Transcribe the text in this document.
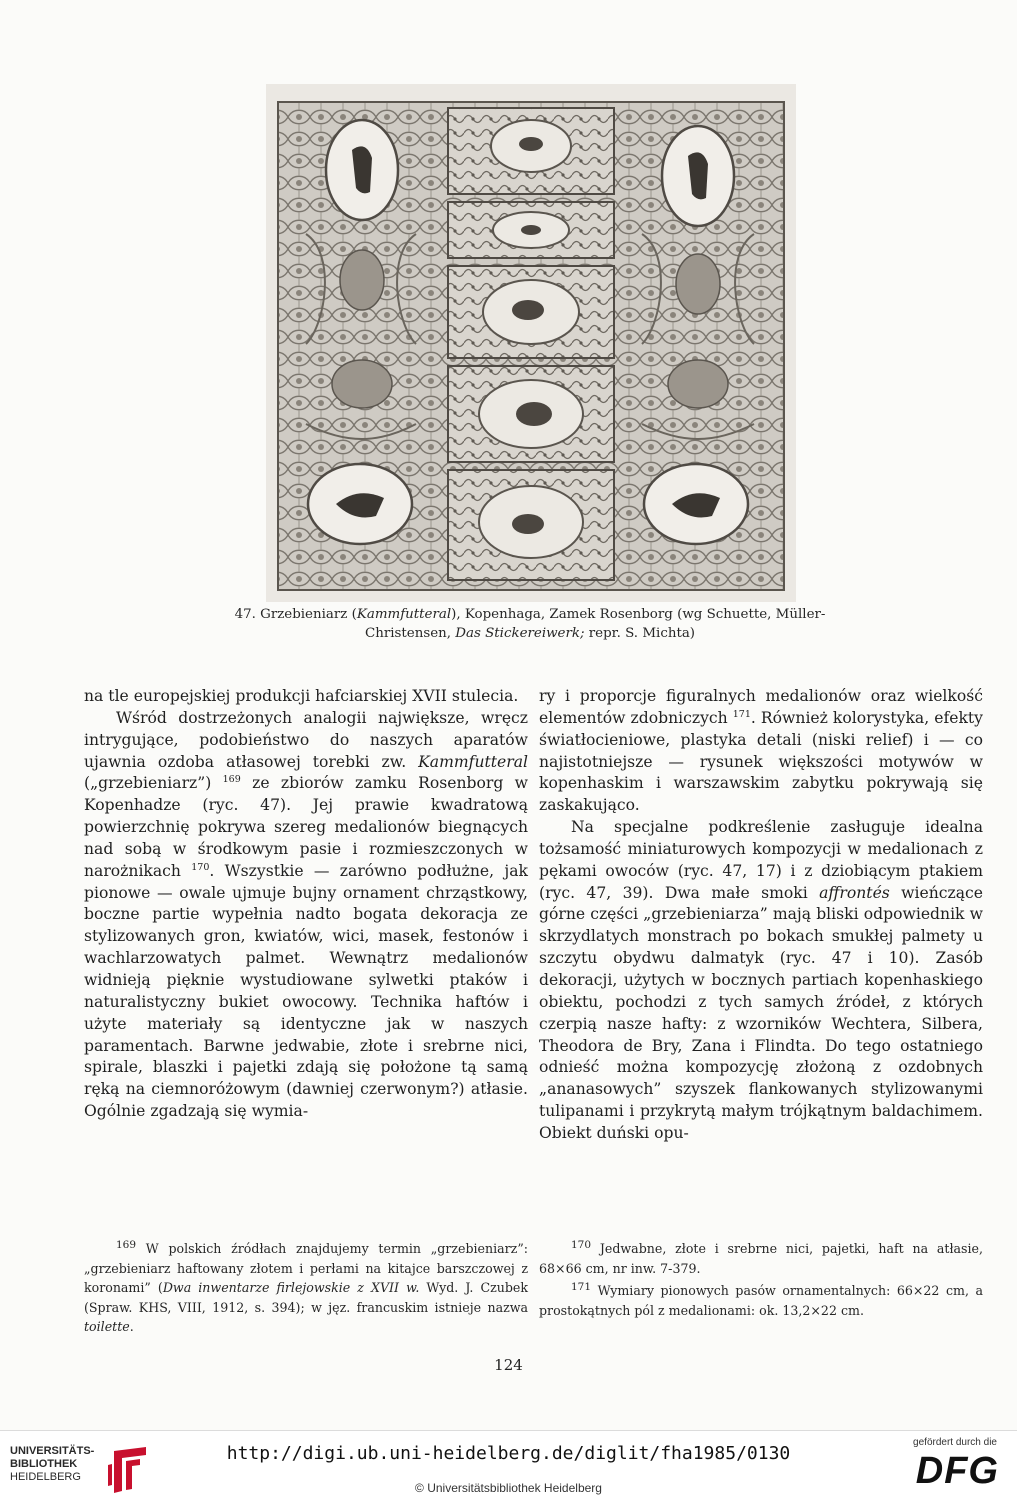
47. Grzebieniarz (Kammfutteral), Kopenhaga, Zamek Rosenborg (wg Schuette, Müller-Christensen, Das Stickereiwerk; repr. S. Michta)

na tle europejskiej produkcji hafciarskiej XVII stulecia.

Wśród dostrzeżonych analogii największe, wręcz intrygujące, podobieństwo do naszych aparatów ujawnia ozdoba atłasowej torebki zw. Kammfutteral („grzebieniarz”) $^{169}$ ze zbiorów zamku Rosenborg w Kopenhadze (ryc. 47). Jej prawie kwadratową powierzchnię pokrywa szereg medalionów biegnących nad sobą w środkowym pasie i rozmieszczonych w narożnikach $^{170}$. Wszystkie — zarówno podłużne, jak pionowe — owale ujmuje bujny ornament chrząstkowy, boczne partie wypełnia nadto bogata dekoracja ze stylizowanych gron, kwiatów, wici, masek, festonów i wachlarzowatych palmet. Wewnątrz medalionów widnieją pięknie wystudiowane sylwetki ptaków i naturalistyczny bukiet owocowy. Technika haftów i użyte materiały są identyczne jak w naszych paramentach. Barwne jedwabie, złote i srebrne nici, spirale, blaszki i pajetki zdają się położone tą samą ręką na ciemnoróżowym (dawniej czerwonym?) atłasie. Ogólnie zgadzają się wymia-

ry i proporcje figuralnych medalionów oraz wielkość elementów zdobniczych $^{171}$. Również kolorystyka, efekty światłocieniowe, plastyka detali (niski relief) i — co najistotniejsze — rysunek większości motywów w kopenhaskim i warszawskim zabytku pokrywają się zaskakująco.

Na specjalne podkreślenie zasługuje idealna tożsamość miniaturowych kompozycji w medalionach z pękami owoców (ryc. 47, 17) i z dziobiącym ptakiem (ryc. 47, 39). Dwa małe smoki affrontés wieńczące górne części „grzebieniarza” mają bliski odpowiednik w skrzydlatych monstrach po bokach smukłej palmety u szczytu obydwu dalmatyk (ryc. 47 i 10). Zasób dekoracji, użytych w bocznych partiach kopenhaskiego obiektu, pochodzi z tych samych źródeł, z których czerpią nasze hafty: z wzorników Wechtera, Silbera, Theodora de Bry, Zana i Flindta. Do tego ostatniego odnieść można kompozycję złożoną z ozdobnych „ananasowych” szyszek flankowanych stylizowanymi tulipanami i przykrytą małym trójkątnym baldachimem. Obiekt duński opu-

$^{169}$ W polskich źródłach znajdujemy termin „grzebieniarz”: „grzebieniarz haftowany złotem i perłami na kitajce barszczowej z koronami” (Dwa inwentarze firlejowskie z XVII w. Wyd. J. Czubek (Spraw. KHS, VIII, 1912, s. 394); w jęz. francuskim istnieje nazwa toilette.

$^{170}$ Jedwabne, złote i srebrne nici, pajetki, haft na atłasie, 68×66 cm, nr inw. 7-379.

$^{171}$ Wymiary pionowych pasów ornamentalnych: 66×22 cm, a prostokątnych pól z medalionami: ok. 13,2×22 cm.

124
UNIVERSITÄTS-
BIBLIOTHEK
HEIDELBERG
http://digi.ub.uni-heidelberg.de/diglit/fha1985/0130
© Universitätsbibliothek Heidelberg
gefördert durch die
DFG
